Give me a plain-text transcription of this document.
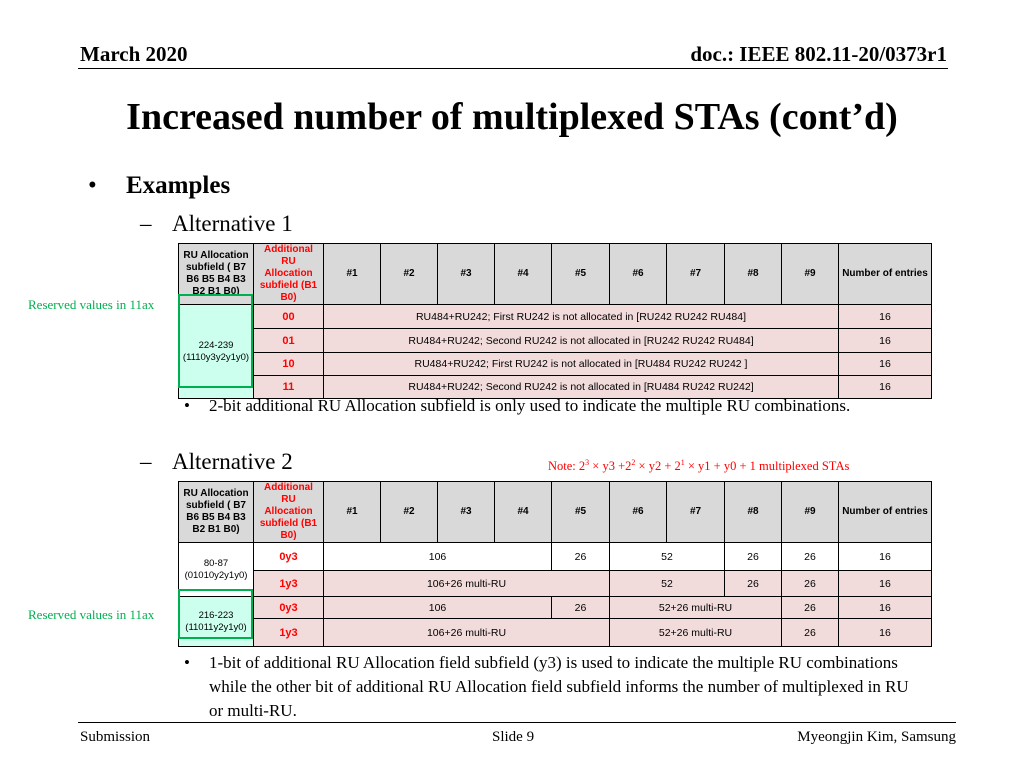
March 2020	doc.: IEEE 802.11-20/0373r1
Increased number of multiplexed STAs (cont’d)
• Examples
– Alternative 1
Reserved values in 11ax
RU Allocation subfield ( B7 B6 B5 B4 B3 B2 B1 B0)	Additional RU Allocation subfield (B1 B0)	#1	#2	#3	#4	#5	#6	#7	#8	#9	Number of entries
224-239
(1110y3y2y1y0)	00	RU484+RU242; First RU242 is not allocated in [RU242 RU242 RU484]									16
	01	RU484+RU242; Second RU242 is not allocated in [RU242 RU242 RU484]									16
	10	RU484+RU242; First RU242 is not allocated in [RU484 RU242 RU242 ]									16
	11	RU484+RU242; Second RU242 is not allocated in [RU484 RU242 RU242]									16
• 2-bit additional RU Allocation subfield is only used to indicate the multiple RU combinations.
– Alternative 2	Note: $2^3 \times y3 +2^2 \times y2 + 2^1 \times y1 + y0 + 1$ multiplexed STAs
Reserved values in 11ax
RU Allocation subfield ( B7 B6 B5 B4 B3 B2 B1 B0)	Additional RU Allocation subfield (B1 B0)	#1	#2	#3	#4	#5	#6	#7	#8	#9	Number of entries
80-87
(01010y2y1y0)	0y3	106				26	52		26	26	16
	1y3	106+26 multi-RU					52		26	26	16
216-223
(11011y2y1y0)	0y3	106				26	52+26 multi-RU			26	16
	1y3	106+26 multi-RU					52+26 multi-RU			26	16
• 1-bit of additional RU Allocation field subfield (y3) is used to indicate the multiple RU combinations while the other bit of additional RU Allocation field subfield informs the number of multiplexed in RU or multi-RU.
Submission	Slide 9	Myeongjin Kim, Samsung
